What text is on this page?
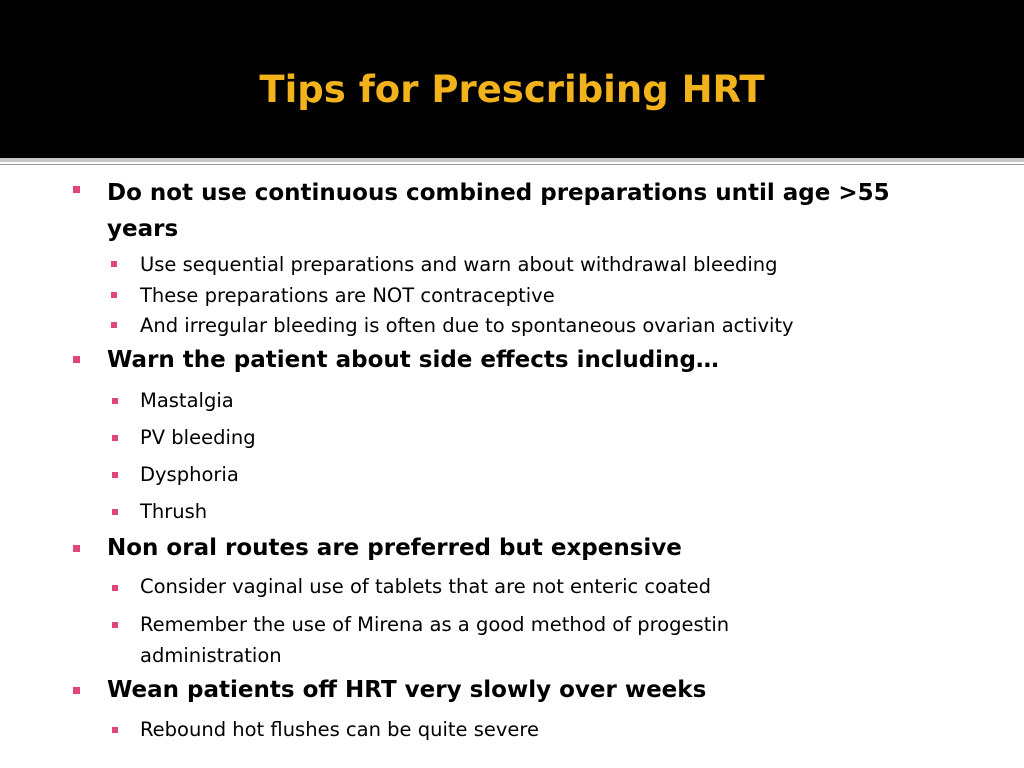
Tips for Prescribing HRT
Do not use continuous combined preparations until age >55
years
Use sequential preparations and warn about withdrawal bleeding
These preparations are NOT contraceptive
And irregular bleeding is often due to spontaneous ovarian activity
Warn the patient about side effects including…
Mastalgia
PV bleeding
Dysphoria
Thrush
Non oral routes are preferred but expensive
Consider vaginal use of tablets that are not enteric coated
Remember the use of Mirena as a good method of progestin
administration
Wean patients off HRT very slowly over weeks
Rebound hot flushes can be quite severe
